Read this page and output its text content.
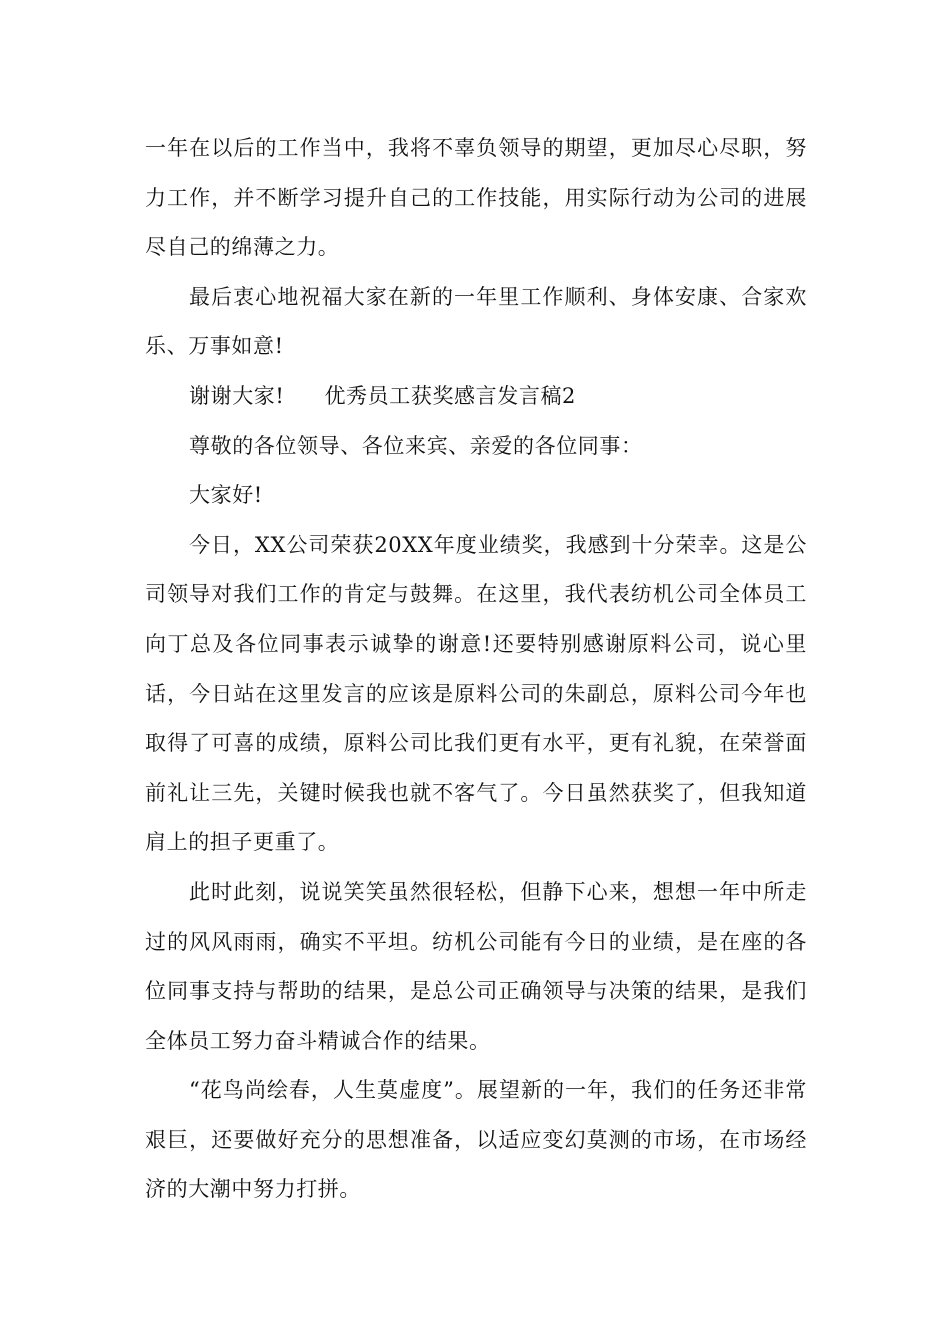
一年在以后的工作当中，我将不辜负领导的期望，更加尽心尽职，努力工作，并不断学习提升自己的工作技能，用实际行动为公司的进展尽自己的绵薄之力。

最后衷心地祝福大家在新的一年里工作顺利、身体安康、合家欢乐、万事如意!

谢谢大家! 优秀员工获奖感言发言稿2

尊敬的各位领导、各位来宾、亲爱的各位同事：

大家好!

今日，XX公司荣获20XX年度业绩奖，我感到十分荣幸。这是公司领导对我们工作的肯定与鼓舞。在这里，我代表纺机公司全体员工向丁总及各位同事表示诚挚的谢意!还要特别感谢原料公司，说心里话，今日站在这里发言的应该是原料公司的朱副总，原料公司今年也取得了可喜的成绩，原料公司比我们更有水平，更有礼貌，在荣誉面前礼让三先，关键时候我也就不客气了。今日虽然获奖了，但我知道肩上的担子更重了。

此时此刻，说说笑笑虽然很轻松，但静下心来，想想一年中所走过的风风雨雨，确实不平坦。纺机公司能有今日的业绩，是在座的各位同事支持与帮助的结果，是总公司正确领导与决策的结果，是我们全体员工努力奋斗精诚合作的结果。

“花鸟尚绘春，人生莫虚度”。展望新的一年，我们的任务还非常艰巨，还要做好充分的思想准备，以适应变幻莫测的市场，在市场经济的大潮中努力打拼。
